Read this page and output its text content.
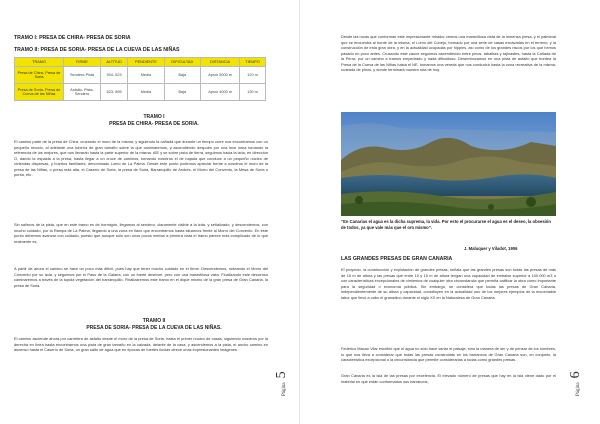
TRAMO I: PRESA DE CHIRA- PRESA DE SORIA
TRAMO II: PRESA DE SORIA- PRESA DE LA CUEVA DE LAS NIÑAS
TRAMO	FIRME	ALTITUD	PENDIENTE	DIFICULTAD	DISTANCIA	TIEMPO
Presa de Chira- Presa de Soria	Sendero-Pista	904- 623	Media	Baja	Aprox 5000 m	120 m
Presa de Soria- Presa de Cueva de las Niñas	Asfalto- Pista-Sendero	623- 895	Media	Baja	Aprox 4000 m	130 m
TRAMO I
PRESA DE CHIRA- PRESA DE SORIA.
El camino parte de la presa de Chira, cruzando el muro de la misma, y siguiendo la cañada que durante un tiempo corre nos encontramos con un pequeño recodo, al adelante una tubería de gran tamaño sobre la que caminaremos, y ascendiendo después por una leve loma tomando la referencia de los mejores, que nos llevarán hasta la parte superior de la misma. AÍE y se sobre pista de tierra, seguimos hacia la izda, en dirección O, dando la espalda a la presa, hasta llegar a un cruce de caminos, tomando nosotros el de bajada que conduce a un pequeño núcleo de viviendas dispersas, y huertos familiares, denominado Lomo de La Palma. Desde este punto podemos apreciar frente a nosotros el muro de la presa de las Niñas, o presa más alta, el Caserío de Soria, la presa de Soria, Barranquillo de Andrés, el Morro del Convento, la Mesa de Soria o punta, etc..
Sin salirnos de la pista, que en este tramo es de hormigón, llegamos al sendero, claramente visible a la izda. y señalizado, y descendemos, con mucho cuidado, por la Rampa de La Palma, llegando a una zona en llano que encontramos hasta situarnos frente al Morro del Convento. En este punto debemos avanzar con cuidado, puesto que aunque sólo son unos pocos metros a primera vista el tramo parece más complicado de lo que realmente es.
A partir de ahora el camino se hace un poco más difícil, pues hay que tener mucho cuidado en el firme. Descendemos, rodeando el Morro del Convento por su izda. y seguimos por el Paso de la Galana, con un fuerte desnivel, pero con una maravillosa vista. Finalizando este descenso caminaremos a través de la tupida vegetación del barranquillo. Finalizaremos este tramo en el dique mismo de la gran presa de Gran Canaria, la presa de Soria.
TRAMO II
PRESA DE SORIA- PRESA DE LA CUEVA DE LAS NIÑAS.
El camino asciende ahora por carretera de asfalto desde el muro de la presa de Soria, hasta el primer núcleo de casas, siguiendo nosotros por la derecha en línea hasta encontrarnos una pista de gran tamaño en la calzada, delante de la casa, y ascendemos a la pista, el ancho camino en ascenso hasta el Caserío de Soria, un gran salto de agua que en épocas de fuertes lluvias ofrece unas impresionantes imágenes.
Página 5
Desde las rocas que conforman este impresionante mirador vemos una maravillosa vista de la inmensa presa, y el palmeral que se encuentra al borde de la misma, el Lomo del Conejo, formado por una serie de casas excavadas en el terreno, y la construcción de esta gran obra, y en la actualidad ocupadas por hippies, así como de los grandes riscos por los que hemos pasado en poco antes. Cruzando este cauce seguimos ascendiendo entre pinos, tabaibas y tajinastes, hasta la Cañada de la Perra, por un camino a tramos empedrado y nada dificultoso. Desembocamos en una pista de asfalto que bordea la Presa de la Cueva de las Niñas hasta el NE, tomamos una vereda que nos conducirá hasta la zona recreativa de la misma, rodeada de pinos, y donde terminará nuestra ruta de hoy.
“En Canarias el agua es la dicha suprema, la vida. Por esto el procurarse el agua es el deseo, la obsesión de todos, ya que vale más que el oro mismo”.
J. Maluquer y Viladot, 1906
LAS GRANDES PRESAS DE GRAN CANARIA
El proyecto, la construcción y explotación de grandes presas, señala que las grandes presas son todas las presas de más de 15 m de altura y las presas que entre 10 y 15 m de altura tengan una capacidad de embalse superior a 100.000 m3 o con características excepcionales de cimientos de cualquier otra circunstancia que permita calificar la obra como importante para la seguridad o economía pública. Sin embargo, se considera que todas las presas de Gran Canaria, independientemente de su altura y capacidad, constituyen en la actualidad uno de los mejores ejemplos de la encomiable labor que llevó a cabo el granadino durante el siglo XX en la Naturaleza de Gran Canaria.
Federico Macau Vilar escribió que el agua no sólo hace variar el paisaje, sino la manera de ser y de pensar de los hombres, lo que nos lleva a considerar que todas las presas construidas en los barrancos de Gran Canaria son, en conjunto, la característica excepcional o la circunstancia que permite considerarlas a todas como grandes presas.
Gran Canaria es la isla de las presas por excelencia. El elevado número de presas que hay en la isla viene dado por el material en que están conformados sus barrancos,
Página 6
